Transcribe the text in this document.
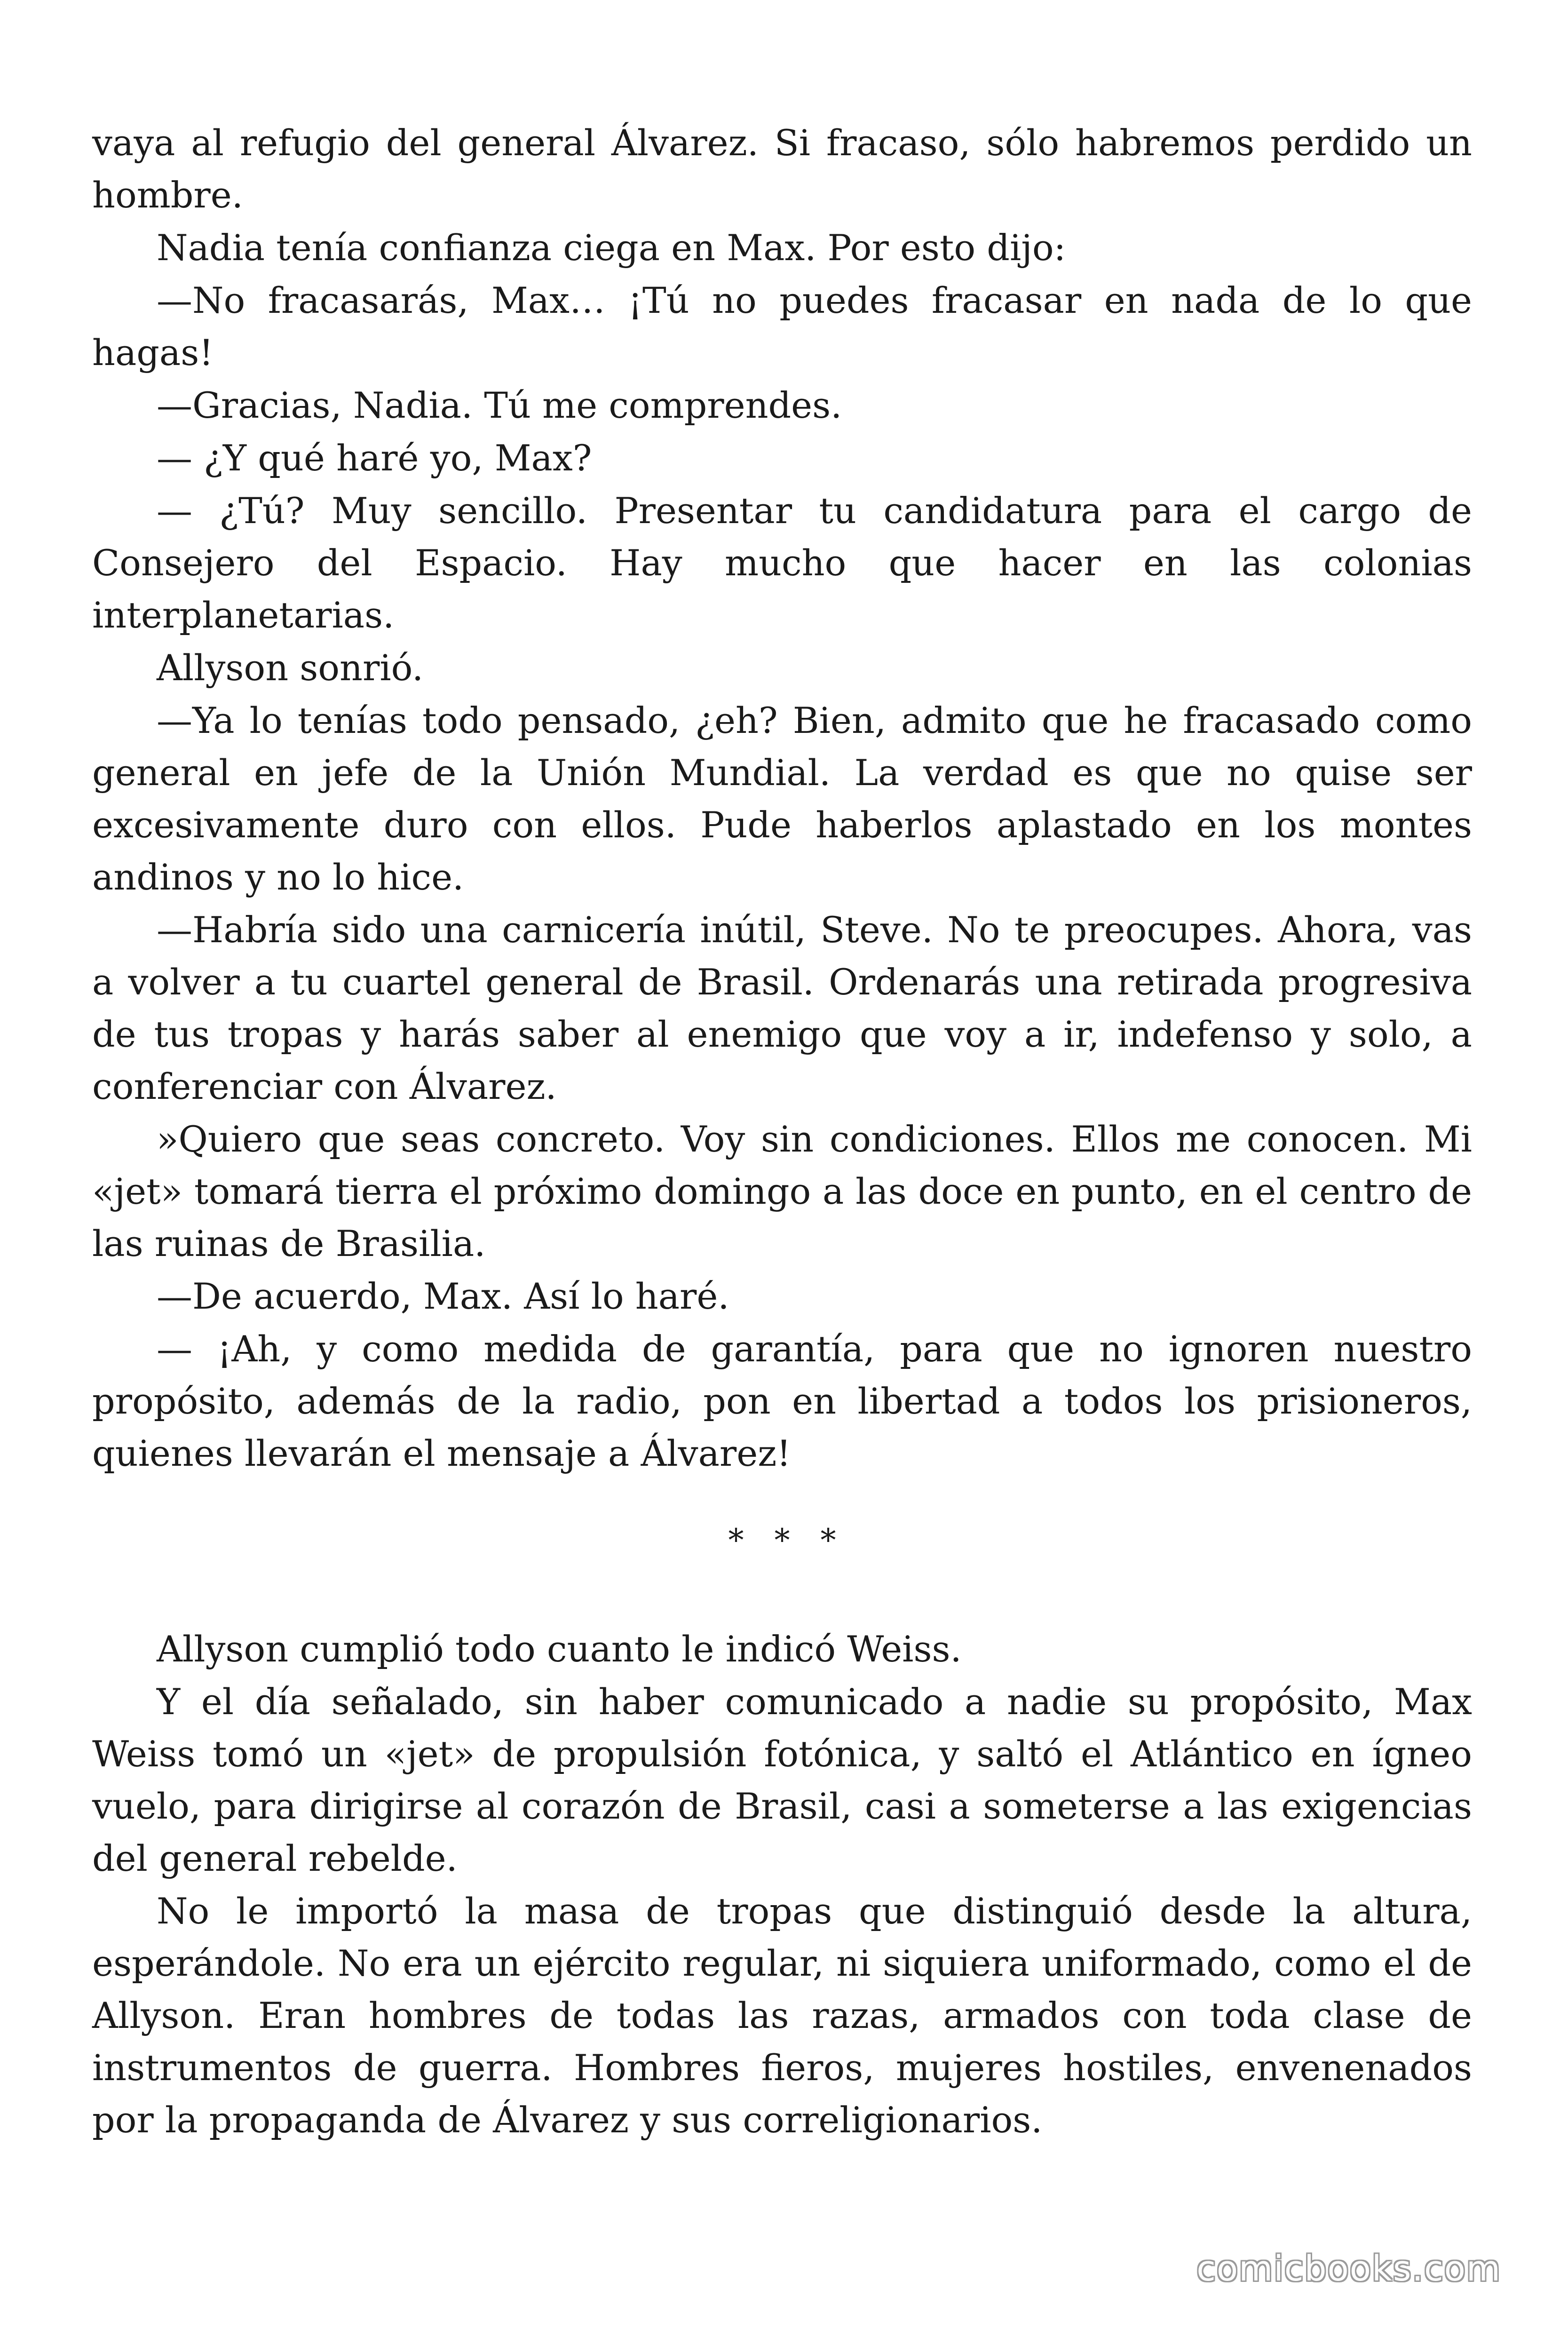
vaya al refugio del general Álvarez. Si fracaso, sólo habremos perdido un hombre.

Nadia tenía confianza ciega en Max. Por esto dijo:

—No fracasarás, Max… ¡Tú no puedes fracasar en nada de lo que hagas!

—Gracias, Nadia. Tú me comprendes.

— ¿Y qué haré yo, Max?

— ¿Tú? Muy sencillo. Presentar tu candidatura para el cargo de Consejero del Espacio. Hay mucho que hacer en las colonias interplanetarias.

Allyson sonrió.

—Ya lo tenías todo pensado, ¿eh? Bien, admito que he fracasado como general en jefe de la Unión Mundial. La verdad es que no quise ser excesivamente duro con ellos. Pude haberlos aplastado en los montes andinos y no lo hice.

—Habría sido una carnicería inútil, Steve. No te preocupes. Ahora, vas a volver a tu cuartel general de Brasil. Ordenarás una retirada progresiva de tus tropas y harás saber al enemigo que voy a ir, indefenso y solo, a conferenciar con Álvarez.

»Quiero que seas concreto. Voy sin condiciones. Ellos me conocen. Mi «jet» tomará tierra el próximo domingo a las doce en punto, en el centro de las ruinas de Brasilia.

—De acuerdo, Max. Así lo haré.

— ¡Ah, y como medida de garantía, para que no ignoren nuestro propósito, además de la radio, pon en libertad a todos los prisioneros, quienes llevarán el mensaje a Álvarez!

* * *

Allyson cumplió todo cuanto le indicó Weiss.

Y el día señalado, sin haber comunicado a nadie su propósito, Max Weiss tomó un «jet» de propulsión fotónica, y saltó el Atlántico en ígneo vuelo, para dirigirse al corazón de Brasil, casi a someterse a las exigencias del general rebelde.

No le importó la masa de tropas que distinguió desde la altura, esperándole. No era un ejército regular, ni siquiera uniformado, como el de Allyson. Eran hombres de todas las razas, armados con toda clase de instrumentos de guerra. Hombres fieros, mujeres hostiles, envenenados por la propaganda de Álvarez y sus correligionarios.

comicbooks.com
